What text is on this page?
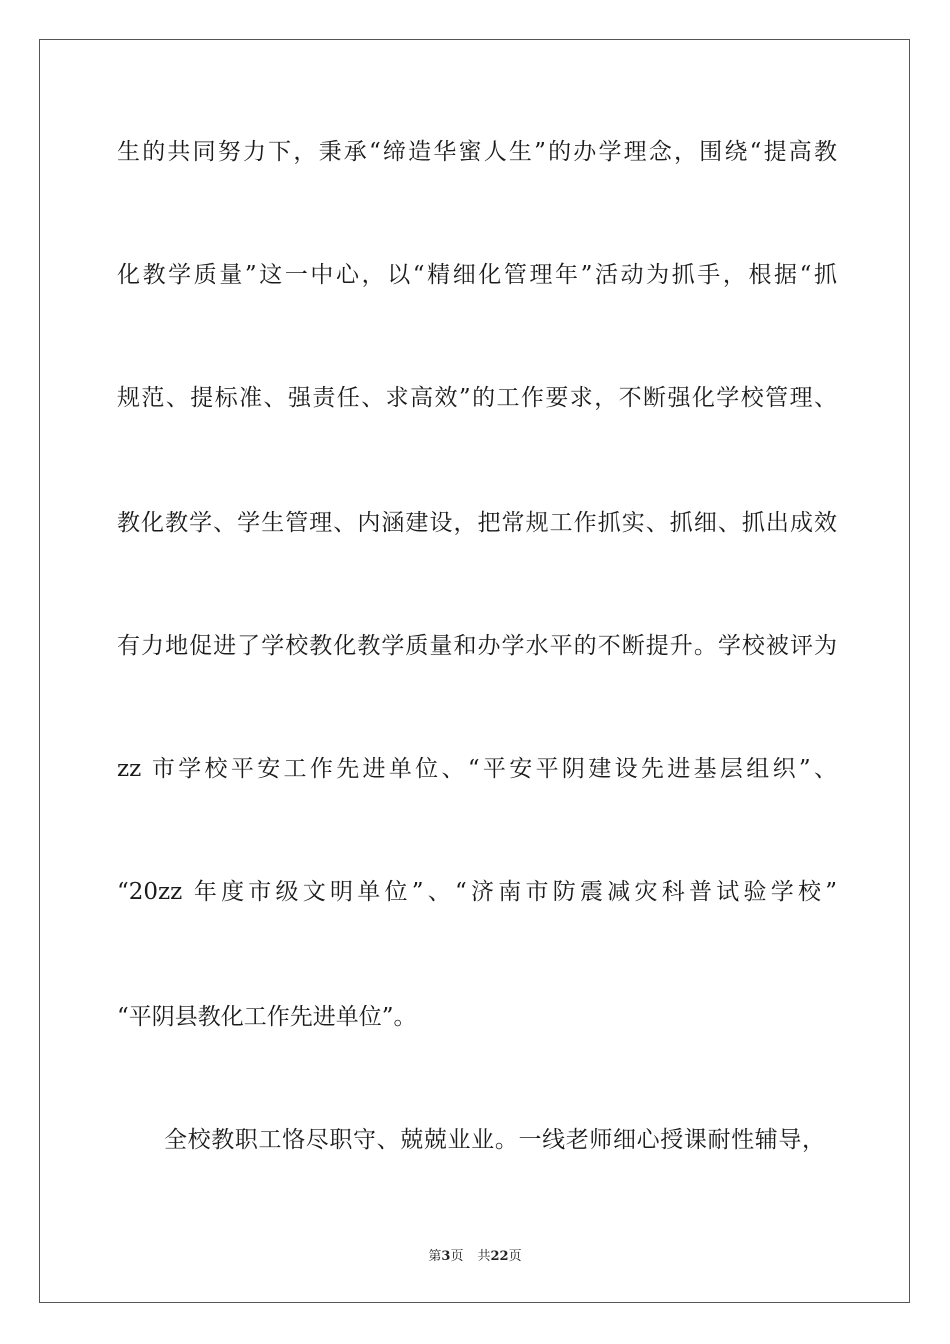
生的共同努力下，秉承“缔造华蜜人生”的办学理念，围绕“提高教
化教学质量”这一中心，以“精细化管理年”活动为抓手，根据“抓
规范、提标准、强责任、求高效”的工作要求，不断强化学校管理、
教化教学、学生管理、内涵建设，把常规工作抓实、抓细、抓出成效
有力地促进了学校教化教学质量和办学水平的不断提升。学校被评为
zz 市学校平安工作先进单位、“平安平阴建设先进基层组织”、
“20zz 年度市级文明单位”、“济南市防震减灾科普试验学校”
“平阴县教化工作先进单位”。
全校教职工恪尽职守、兢兢业业。一线老师细心授课耐性辅导，
第3页 共22页
